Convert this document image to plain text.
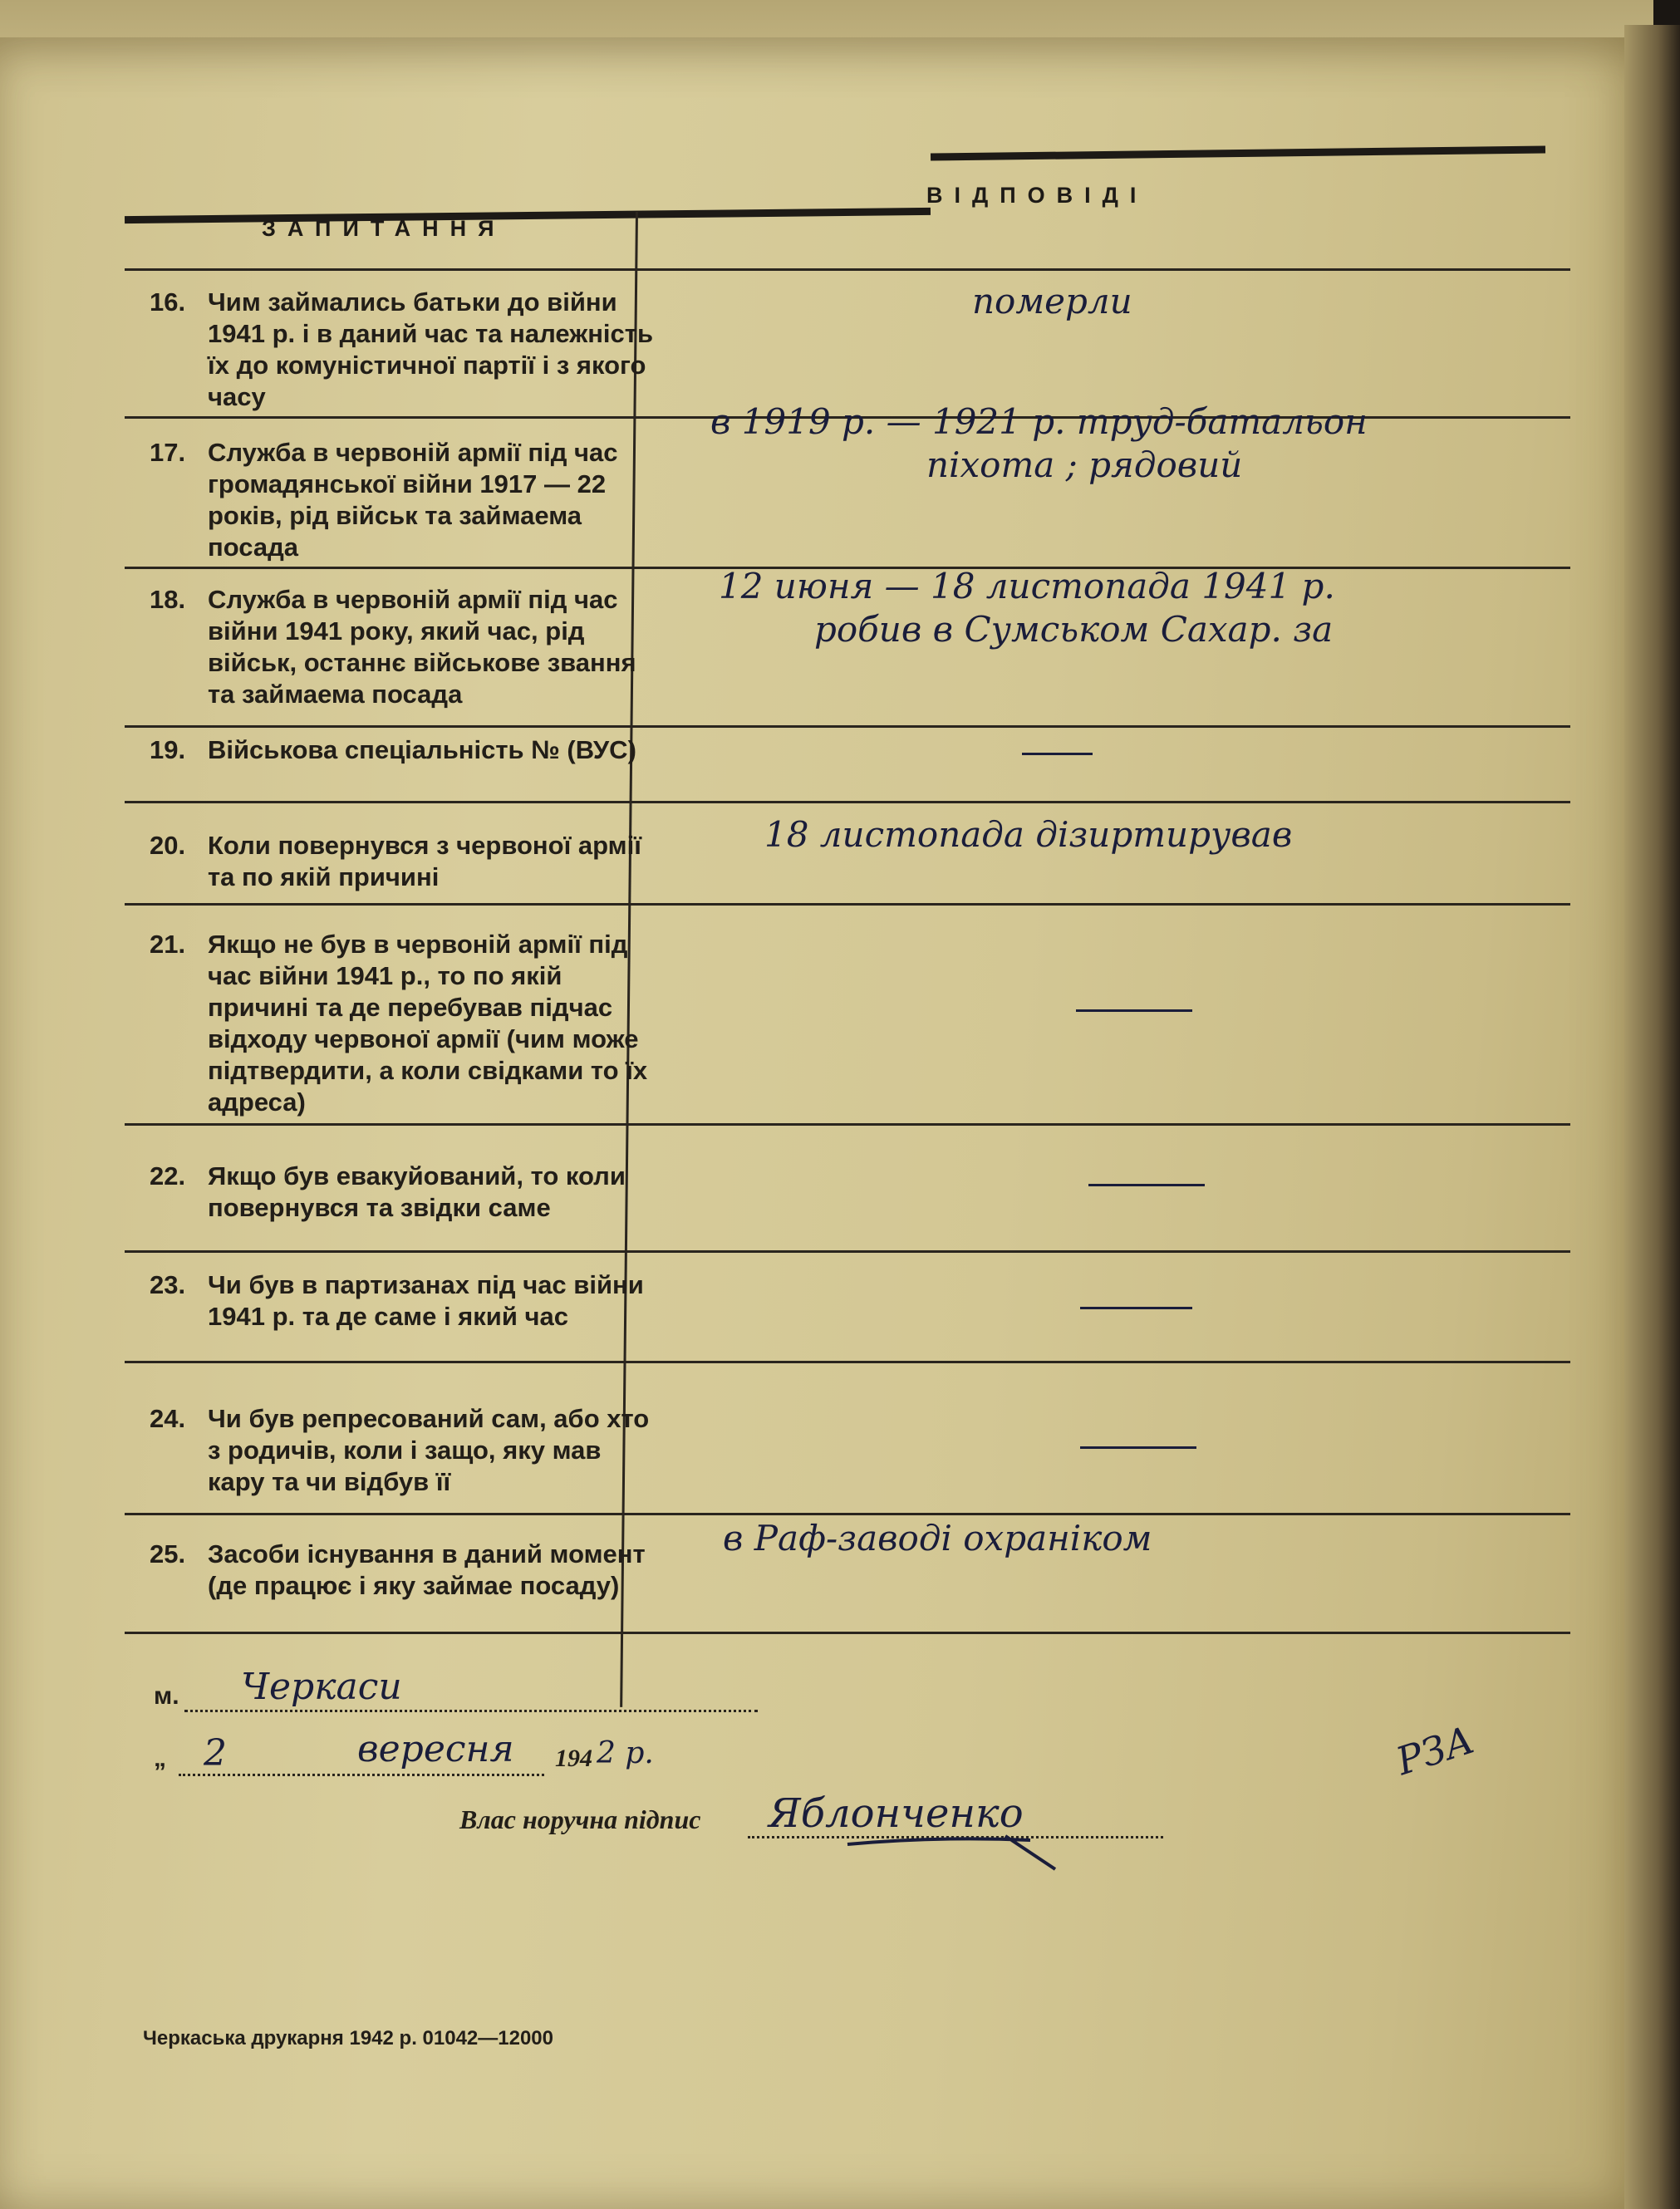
ЗАПИТАННЯ
ВІДПОВІДІ
16. Чим займались батьки до війни 1941 р. і в даний час та належність їх до комуністичної партії і з якого часу
померли
17. Служба в червоній армії під час громадянської війни 1917 — 22 років, рід військ та займаема посада
в 1919 р. — 1921 р. труд-батальон
піхота ; рядовий
18. Служба в червоній армії під час війни 1941 року, який час, рід військ, останнє військове звання та займаема посада
12 июня — 18 листопада 1941 р.
робив в Сумськом Сахар. за
19. Військова спеціальність № (ВУС)
20. Коли повернувся з червоної армії та по якій причині
18 листопада дізиртирував
21. Якщо не був в червоній армії під час війни 1941 р., то по якій причині та де перебував підчас відходу червоної армії (чим може підтвердити, а коли свідками то їх адреса)
22. Якщо був евакуйований, то коли повернувся та звідки саме
23. Чи був в партизанах під час війни 1941 р. та де саме і який час
24. Чи був репресований сам, або хто з родичів, коли і защо, яку мав кару та чи відбув її
25. Засоби існування в даний момент (де працює і яку займае посаду)
в Раф-заводі охраніком
м. Черкаси
„ 2	вересня 194 2 р.
Влас норучна підпис Яблонченко
РЗА
Черкаська друкарня 1942 р. 01042—12000
